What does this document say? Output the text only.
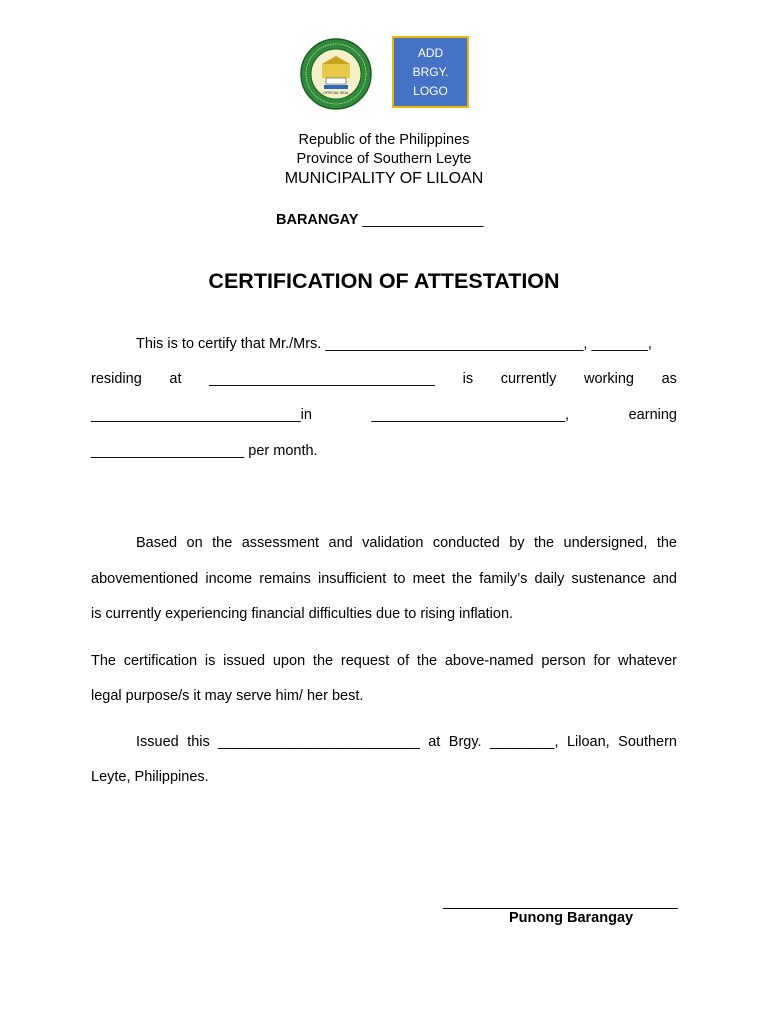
OFFICIAL SEAL
ADD
BRGY.
LOGO
Republic of the Philippines
Province of Southern Leyte
MUNICIPALITY OF LILOAN
BARANGAY _______________
CERTIFICATION OF ATTESTATION
This is to certify that Mr./Mrs. ________________________________, _______,
residing at ____________________________ is currently working as
__________________________in	________________________,	earning
___________________ per month.
Based on the assessment and validation conducted by the undersigned, the
abovementioned income remains insufficient to meet the family’s daily sustenance and
is currently experiencing financial difficulties due to rising inflation.
The certification is issued upon the request of the above-named person for whatever
legal purpose/s it may serve him/ her best.
Issued this _________________________ at Brgy. ________, Liloan, Southern
Leyte, Philippines.
Punong Barangay
